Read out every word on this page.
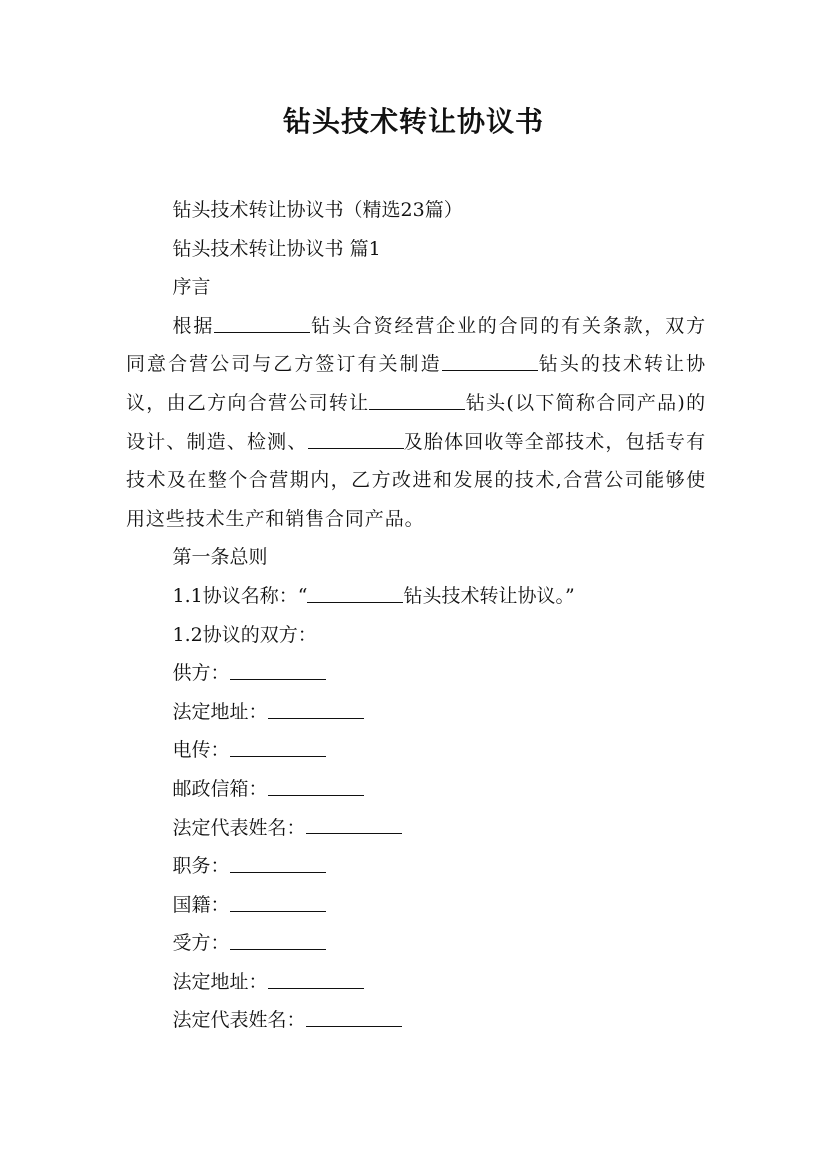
钻头技术转让协议书

钻头技术转让协议书（精选23篇）

钻头技术转让协议书 篇1

序言

根据	钻头合资经营企业的合同的有关条款，双方同意合营公司与乙方签订有关制造	钻头的技术转让协议，由乙方向合营公司转让	钻头(以下简称合同产品)的设计、制造、检测、	及胎体回收等全部技术，包括专有技术及在整个合营期内，乙方改进和发展的技术,合营公司能够使用这些技术生产和销售合同产品。

第一条总则

1.1协议名称：“	钻头技术转让协议。”

1.2协议的双方：

供方：

法定地址：

电传：

邮政信箱：

法定代表姓名：

职务：

国籍：

受方：

法定地址：

法定代表姓名：
